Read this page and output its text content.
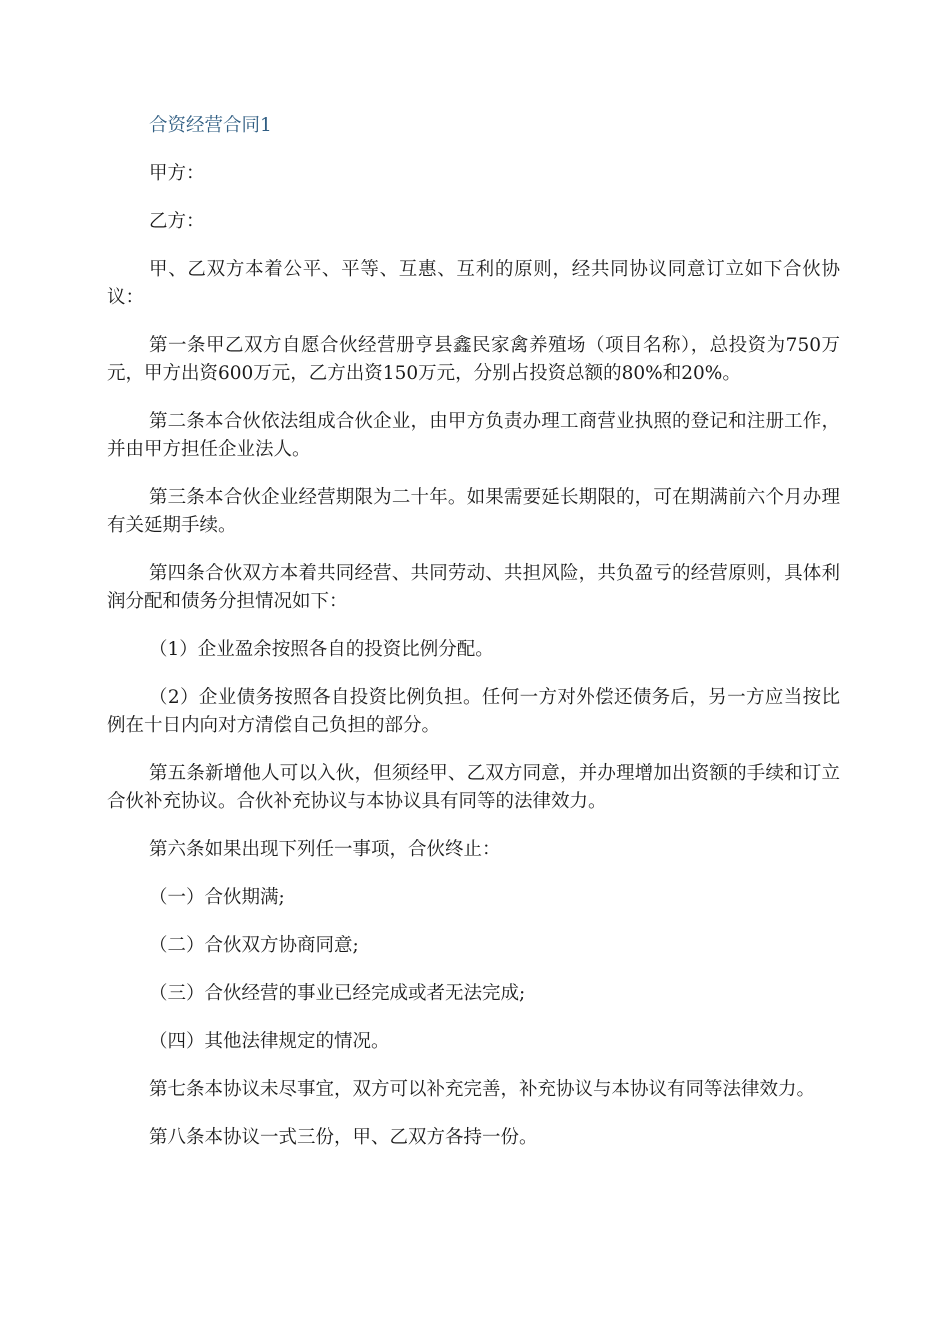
合资经营合同1

甲方：

乙方：

甲、乙双方本着公平、平等、互惠、互利的原则，经共同协议同意订立如下合伙协议：

第一条甲乙双方自愿合伙经营册亨县鑫民家禽养殖场（项目名称），总投资为750万元，甲方出资600万元，乙方出资150万元，分别占投资总额的80%和20%。

第二条本合伙依法组成合伙企业，由甲方负责办理工商营业执照的登记和注册工作，并由甲方担任企业法人。

第三条本合伙企业经营期限为二十年。如果需要延长期限的，可在期满前六个月办理有关延期手续。

第四条合伙双方本着共同经营、共同劳动、共担风险，共负盈亏的经营原则，具体利润分配和债务分担情况如下：

（1）企业盈余按照各自的投资比例分配。

（2）企业债务按照各自投资比例负担。任何一方对外偿还债务后，另一方应当按比例在十日内向对方清偿自己负担的部分。

第五条新增他人可以入伙，但须经甲、乙双方同意，并办理增加出资额的手续和订立合伙补充协议。合伙补充协议与本协议具有同等的法律效力。

第六条如果出现下列任一事项，合伙终止：

（一）合伙期满;

（二）合伙双方协商同意;

（三）合伙经营的事业已经完成或者无法完成;

（四）其他法律规定的情况。

第七条本协议未尽事宜，双方可以补充完善，补充协议与本协议有同等法律效力。

第八条本协议一式三份，甲、乙双方各持一份。
